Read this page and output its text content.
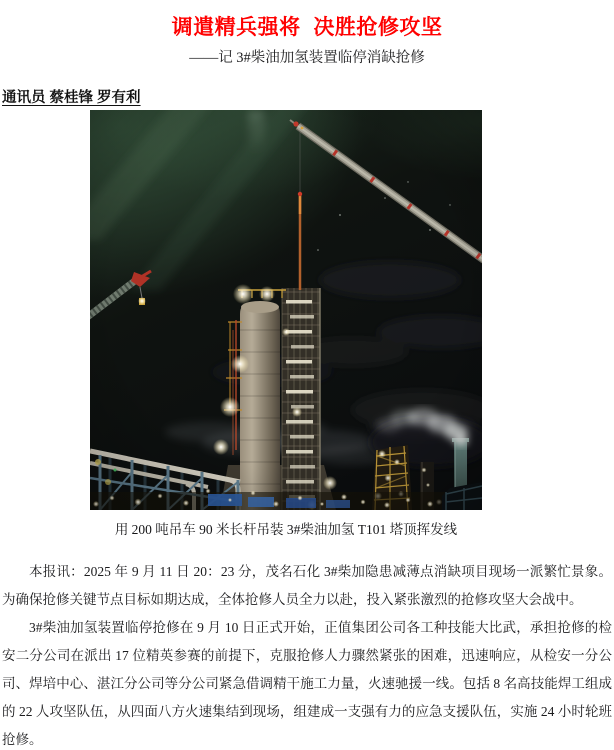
调遣精兵强将  决胜抢修攻坚
——记 3#柴油加氢装置临停消缺抢修
通讯员 蔡桂锋 罗有利
用 200 吨吊车 90 米长杆吊装 3#柴油加氢 T101 塔顶挥发线

本报讯：2025 年 9 月 11 日 20：23 分，茂名石化 3#柴加隐患减薄点消缺项目现场一派繁忙景象。为确保抢修关键节点目标如期达成，全体抢修人员全力以赴，投入紧张激烈的抢修攻坚大会战中。

3#柴油加氢装置临停抢修在 9 月 10 日正式开始，正值集团公司各工种技能大比武，承担抢修的检安二分公司在派出 17 位精英参赛的前提下，克服抢修人力骤然紧张的困难，迅速响应，从检安一分公司、焊培中心、湛江分公司等分公司紧急借调精干施工力量，火速驰援一线。包括 8 名高技能焊工组成的 22 人攻坚队伍，从四面八方火速集结到现场，组建成一支强有力的应急支援队伍，实施 24 小时轮班抢修。
